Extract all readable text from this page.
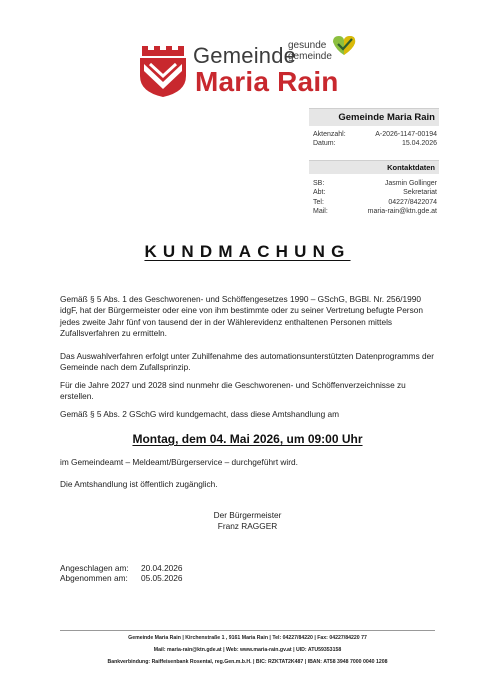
Gemeinde
gesunde
gemeinde
Maria Rain
Gemeinde Maria Rain
Aktenzahl:	A-2026-1147-00194
Datum:	15.04.2026
Kontaktdaten
SB:	Jasmin Gollinger
Abt:	Sekretariat
Tel:	04227/8422074
Mail:	maria-rain@ktn.gde.at
KUNDMACHUNG

Gemäß § 5 Abs. 1 des Geschworenen- und Schöffengesetzes 1990 – GSchG, BGBl. Nr. 256/1990 idgF, hat der Bürgermeister oder eine von ihm bestimmte oder zu seiner Vertretung befugte Person jedes zweite Jahr fünf von tausend der in der Wählerevidenz enthaltenen Personen mittels Zufallsverfahren zu ermitteln.

Das Auswahlverfahren erfolgt unter Zuhilfenahme des automationsunterstützten Datenprogramms der Gemeinde nach dem Zufallsprinzip.

Für die Jahre 2027 und 2028 sind nunmehr die Geschworenen- und Schöffenverzeichnisse zu erstellen.

Gemäß § 5 Abs. 2 GSchG wird kundgemacht, dass diese Amtshandlung am

Montag, dem 04. Mai 2026, um 09:00 Uhr

im Gemeindeamt – Meldeamt/Bürgerservice – durchgeführt wird.

Die Amtshandlung ist öffentlich zugänglich.

Der Bürgermeister
Franz RAGGER
Angeschlagen am: 20.04.2026
Abgenommen am: 05.05.2026
Gemeinde Maria Rain | Kirchenstraße 1 , 9161 Maria Rain | Tel: 04227/84220 | Fax: 04227/84220 77
Mail: maria-rain@ktn.gde.at | Web: www.maria-rain.gv.at | UID: ATU59353158
Bankverbindung: Raiffeisenbank Rosental, reg.Gen.m.b.H. | BIC: RZKTAT2K487 | IBAN: AT58 3948 7000 0040 1208
